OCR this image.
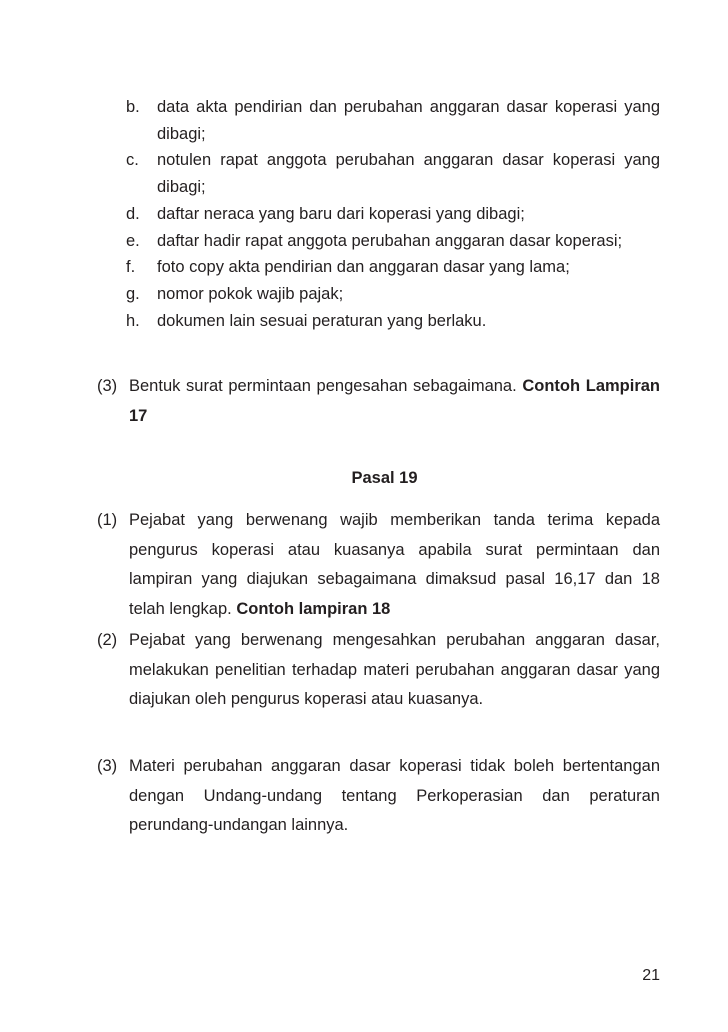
b.	data akta pendirian dan perubahan anggaran dasar koperasi yang dibagi;
c.	notulen rapat anggota perubahan anggaran dasar koperasi yang dibagi;
d.	daftar neraca yang baru dari koperasi yang dibagi;
e.	daftar hadir rapat anggota perubahan anggaran dasar koperasi;
f.	foto copy akta pendirian dan anggaran dasar yang lama;
g.	nomor pokok wajib pajak;
h.	dokumen lain sesuai peraturan yang berlaku.
(3) Bentuk surat permintaan pengesahan sebagaimana. Contoh Lampiran 17
Pasal 19
(1) Pejabat yang berwenang wajib memberikan tanda terima kepada pengurus koperasi atau kuasanya apabila surat permintaan dan lampiran yang diajukan sebagaimana dimaksud pasal 16,17 dan 18 telah lengkap. Contoh lampiran 18
(2) Pejabat yang berwenang mengesahkan perubahan anggaran dasar, melakukan penelitian terhadap materi perubahan anggaran dasar yang diajukan oleh pengurus koperasi atau kuasanya.
(3) Materi perubahan anggaran dasar koperasi tidak boleh bertentangan dengan Undang-undang tentang Perkoperasian dan peraturan perundang-undangan lainnya.
21
